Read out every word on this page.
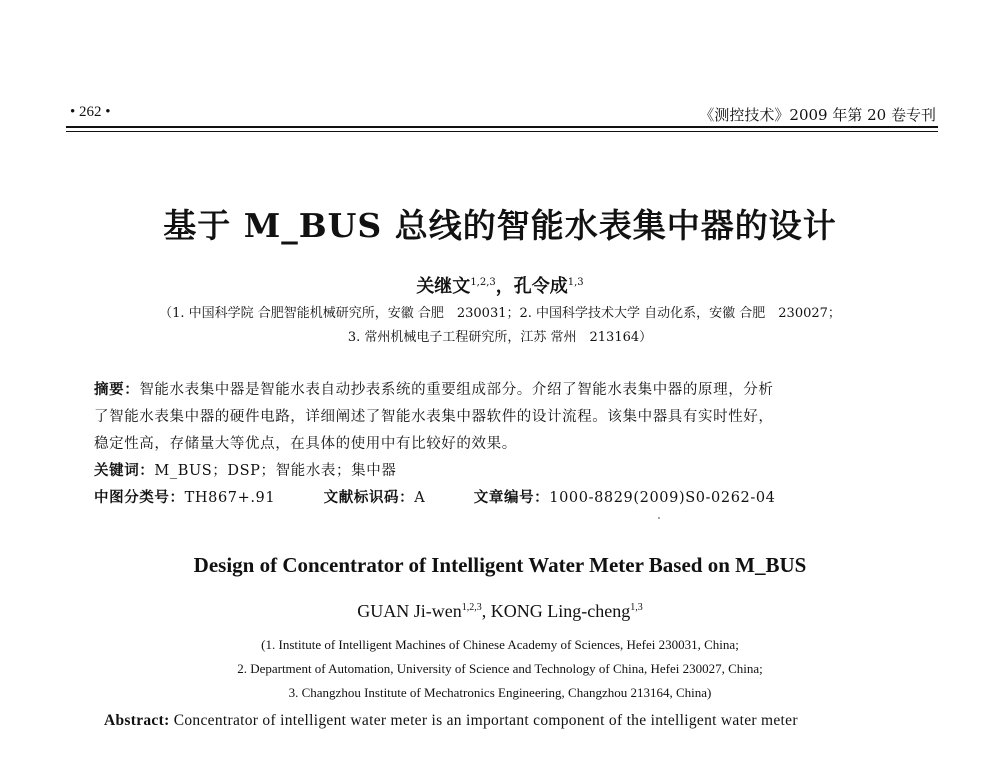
• 262 •	《测控技术》2009 年第 20 卷专刊
基于 M_BUS 总线的智能水表集中器的设计
关继文$^{1,2,3}$，孔令成$^{1,3}$
（1. 中国科学院 合肥智能机械研究所，安徽 合肥　230031；2. 中国科学技术大学 自动化系，安徽 合肥　230027；
3. 常州机械电子工程研究所，江苏 常州　213164）
摘要：智能水表集中器是智能水表自动抄表系统的重要组成部分。介绍了智能水表集中器的原理，分析
了智能水表集中器的硬件电路，详细阐述了智能水表集中器软件的设计流程。该集中器具有实时性好，
稳定性高，存储量大等优点，在具体的使用中有比较好的效果。
关键词：M_BUS；DSP；智能水表；集中器
中图分类号：TH867+.91	文献标识码：A	文章编号：1000-8829(2009)S0-0262-04
Design of Concentrator of Intelligent Water Meter Based on M_BUS
GUAN Ji-wen$^{1,2,3}$, KONG Ling-cheng$^{1,3}$
(1. Institute of Intelligent Machines of Chinese Academy of Sciences, Hefei 230031, China;
2. Department of Automation, University of Science and Technology of China, Hefei 230027, China;
3. Changzhou Institute of Mechatronics Engineering, Changzhou 213164, China)
Abstract: Concentrator of intelligent water meter is an important component of the intelligent water meter
